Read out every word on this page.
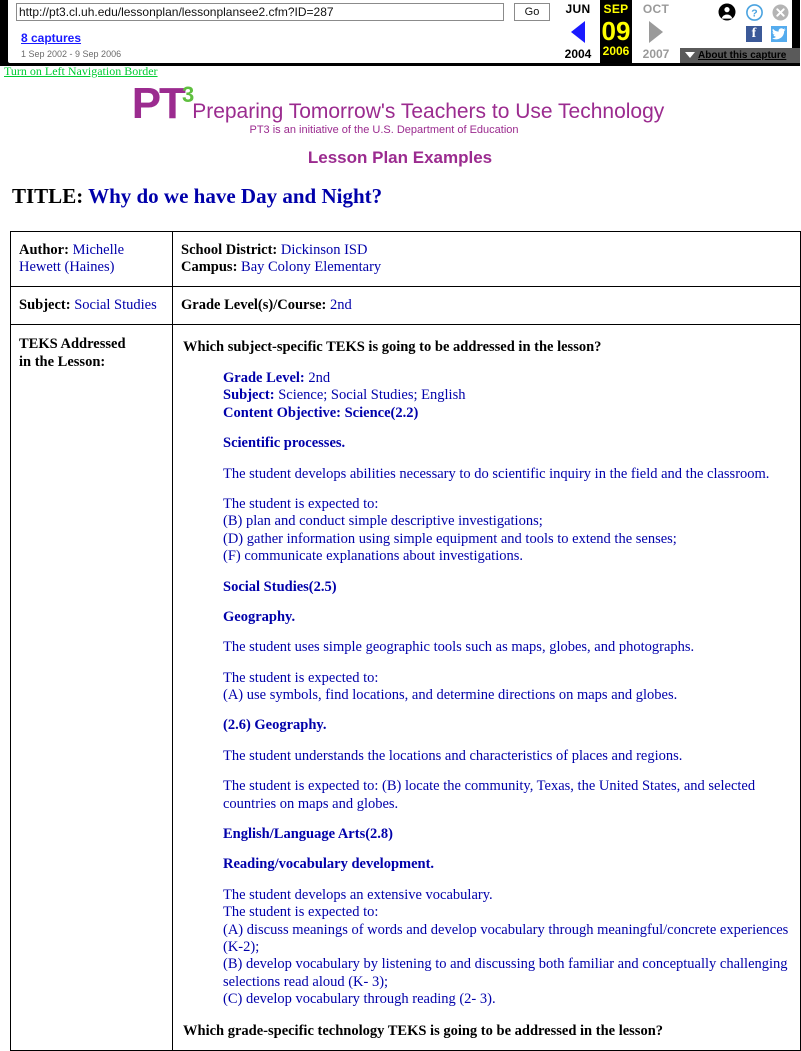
http://pt3.cl.uh.edu/lessonplan/lessonplansee2.cfm?ID=287	Go
8 captures
1 Sep 2002 - 9 Sep 2006
JUN
2004
SEP
09
2006
OCT
2007
?
f
About this capture
Turn on Left Navigation Border
PT3Preparing Tomorrow's Teachers to Use Technology
PT3 is an initiative of the U.S. Department of Education
Lesson Plan Examples
TITLE: Why do we have Day and Night?
Author: Michelle Hewett (Haines)	School District: Dickinson ISD
Campus: Bay Colony Elementary

Subject: Social Studies	Grade Level(s)/Course: 2nd

TEKS Addressed
in the Lesson:

Which subject-specific TEKS is going to be addressed in the lesson?

Grade Level: 2nd
Subject: Science; Social Studies; English
Content Objective: Science(2.2)

Scientific processes.

The student develops abilities necessary to do scientific inquiry in the field and the classroom.

The student is expected to:
(B) plan and conduct simple descriptive investigations;
(D) gather information using simple equipment and tools to extend the senses;
(F) communicate explanations about investigations.

Social Studies(2.5)

Geography.

The student uses simple geographic tools such as maps, globes, and photographs.

The student is expected to:
(A) use symbols, find locations, and determine directions on maps and globes.

(2.6) Geography.

The student understands the locations and characteristics of places and regions.

The student is expected to: (B) locate the community, Texas, the United States, and selected countries on maps and globes.

English/Language Arts(2.8)

Reading/vocabulary development.

The student develops an extensive vocabulary.
The student is expected to:
(A) discuss meanings of words and develop vocabulary through meaningful/concrete experiences (K-2);
(B) develop vocabulary by listening to and discussing both familiar and conceptually challenging selections read aloud (K- 3);
(C) develop vocabulary through reading (2- 3).

Which grade-specific technology TEKS is going to be addressed in the lesson?
